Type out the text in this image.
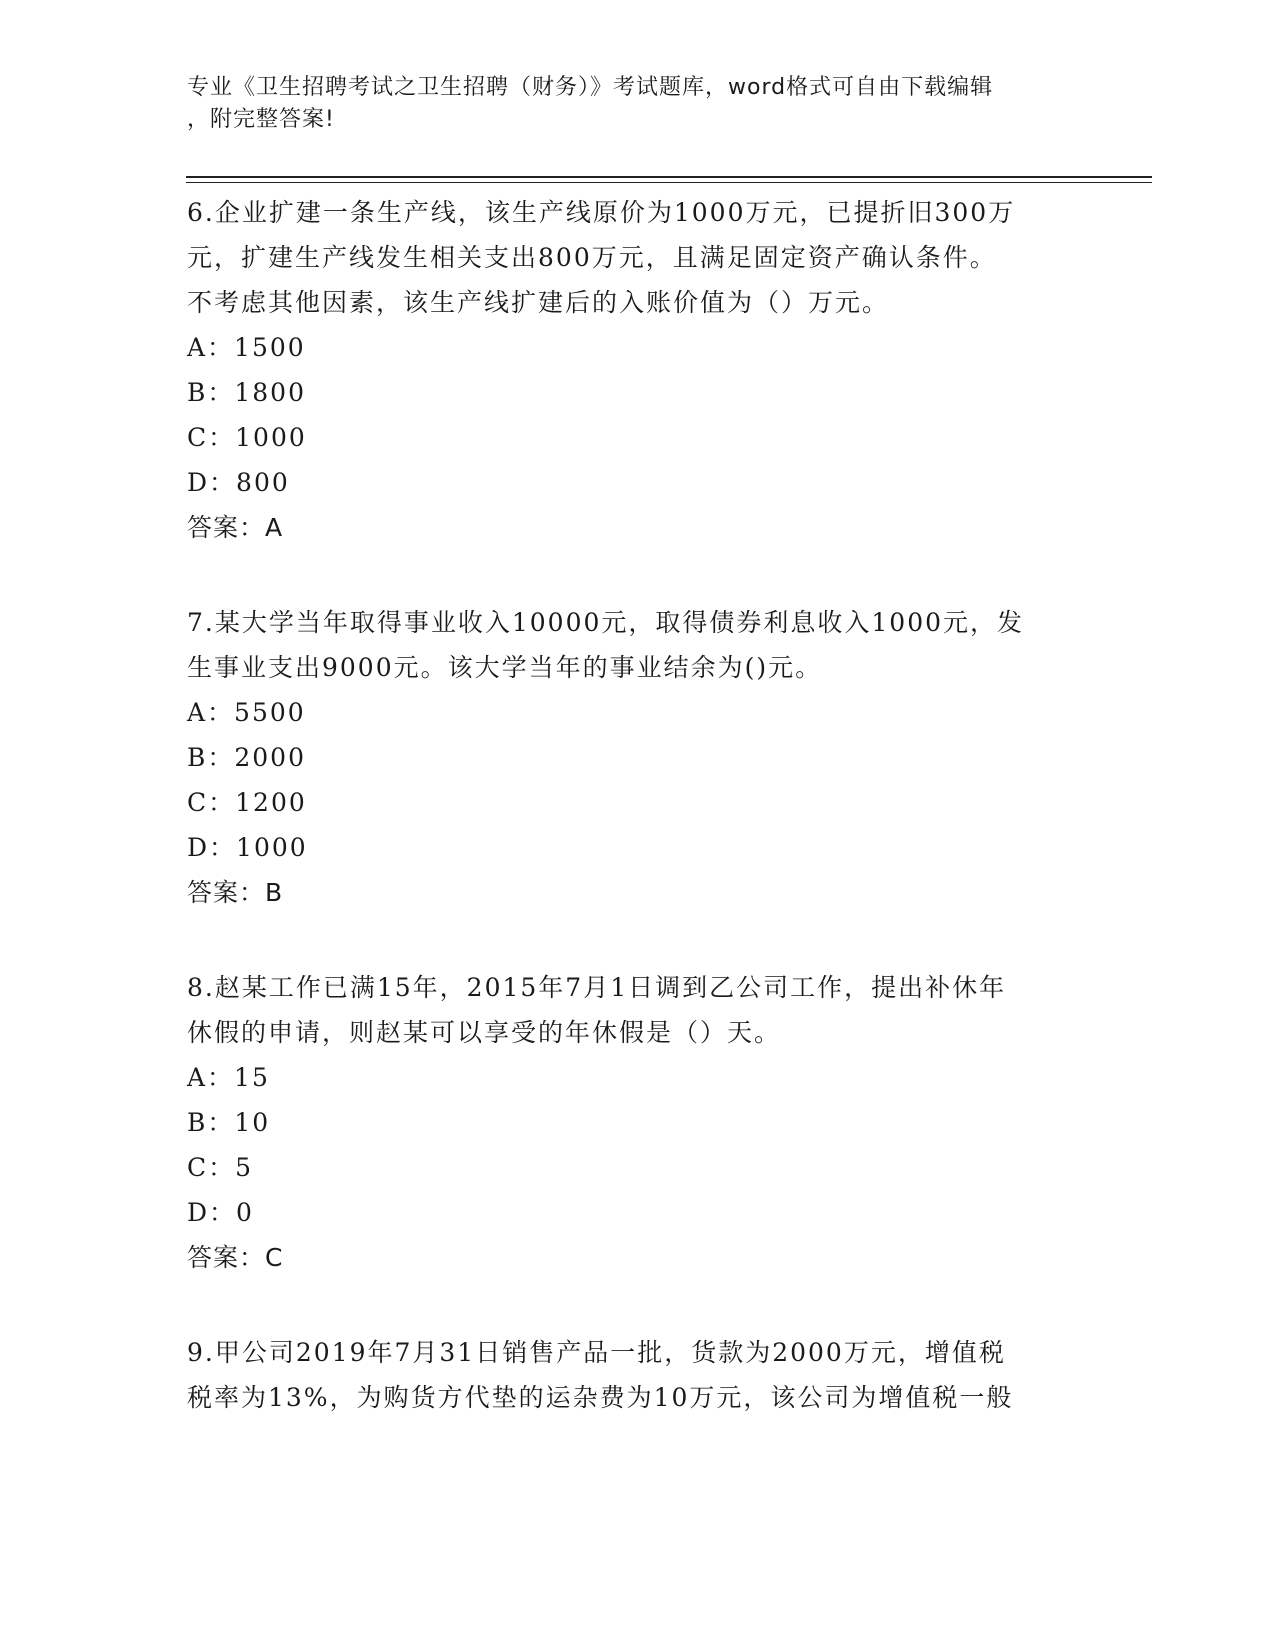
专业《卫生招聘考试之卫生招聘（财务）》考试题库，word格式可自由下载编辑
，附完整答案!
6.企业扩建一条生产线，该生产线原价为1000万元，已提折旧300万
元，扩建生产线发生相关支出800万元，且满足固定资产确认条件。
不考虑其他因素，该生产线扩建后的入账价值为（）万元。
A：1500
B：1800
C：1000
D：800
答案：A
7.某大学当年取得事业收入10000元，取得债券利息收入1000元，发
生事业支出9000元。该大学当年的事业结余为()元。
A：5500
B：2000
C：1200
D：1000
答案：B
8.赵某工作已满15年，2015年7月1日调到乙公司工作，提出补休年
休假的申请，则赵某可以享受的年休假是（）天。
A：15
B：10
C：5
D：0
答案：C
9.甲公司2019年7月31日销售产品一批，货款为2000万元，增值税
税率为13%，为购货方代垫的运杂费为10万元，该公司为增值税一般
